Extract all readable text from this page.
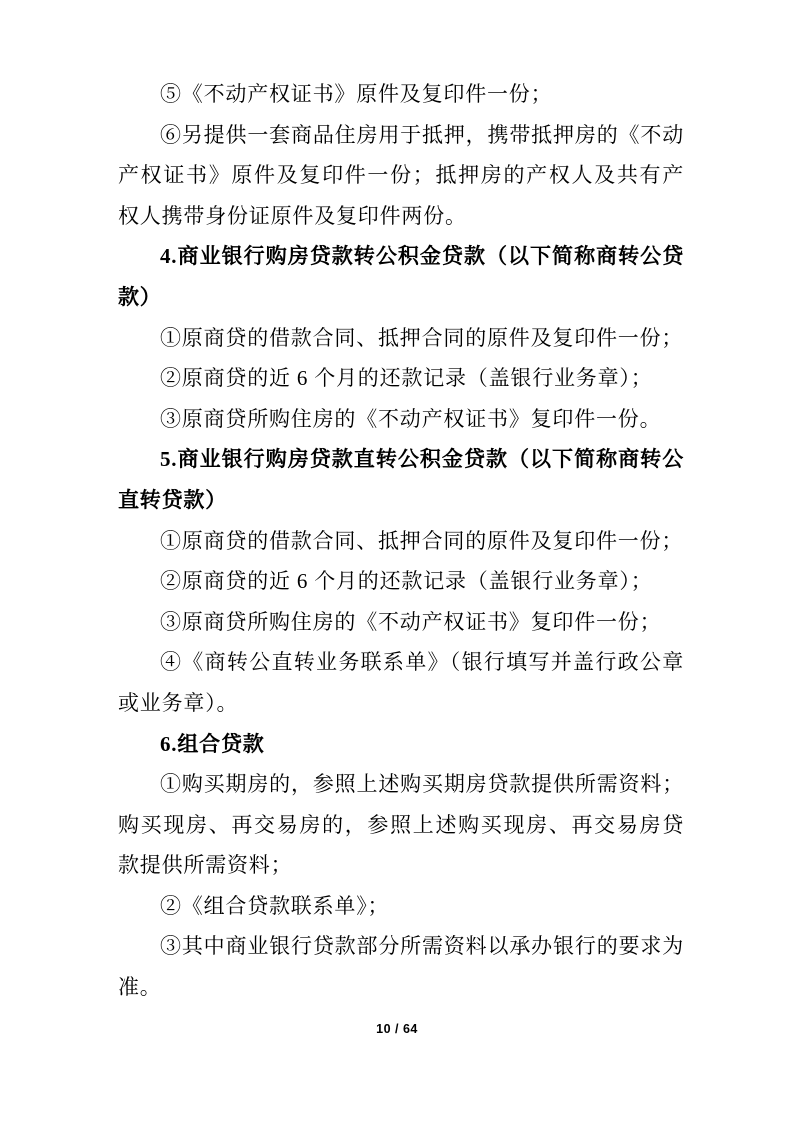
⑤《不动产权证书》原件及复印件一份；

⑥另提供一套商品住房用于抵押，携带抵押房的《不动产权证书》原件及复印件一份；抵押房的产权人及共有产权人携带身份证原件及复印件两份。

4.商业银行购房贷款转公积金贷款（以下简称商转公贷款）

①原商贷的借款合同、抵押合同的原件及复印件一份；

②原商贷的近 6 个月的还款记录（盖银行业务章）；

③原商贷所购住房的《不动产权证书》复印件一份。

5.商业银行购房贷款直转公积金贷款（以下简称商转公直转贷款）

①原商贷的借款合同、抵押合同的原件及复印件一份；

②原商贷的近 6 个月的还款记录（盖银行业务章）；

③原商贷所购住房的《不动产权证书》复印件一份；

④《商转公直转业务联系单》（银行填写并盖行政公章或业务章）。

6.组合贷款

①购买期房的，参照上述购买期房贷款提供所需资料；购买现房、再交易房的，参照上述购买现房、再交易房贷款提供所需资料；

②《组合贷款联系单》；

③其中商业银行贷款部分所需资料以承办银行的要求为准。

10 / 64
